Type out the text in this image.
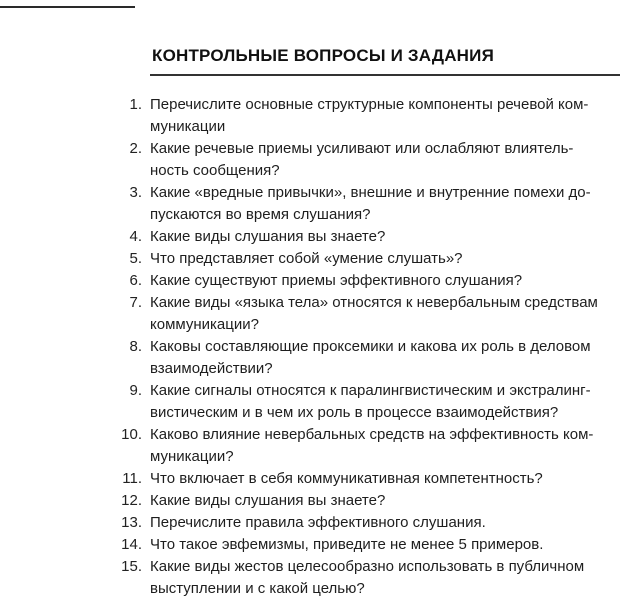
КОНТРОЛЬНЫЕ ВОПРОСЫ И ЗАДАНИЯ
1. Перечислите основные структурные компоненты речевой ком-
муникации
2. Какие речевые приемы усиливают или ослабляют влиятель-
ность сообщения?
3. Какие «вредные привычки», внешние и внутренние помехи до-
пускаются во время слушания?
4. Какие виды слушания вы знаете?
5. Что представляет собой «умение слушать»?
6. Какие существуют приемы эффективного слушания?
7. Какие виды «языка тела» относятся к невербальным средствам
коммуникации?
8. Каковы составляющие проксемики и какова их роль в деловом
взаимодействии?
9. Какие сигналы относятся к паралингвистическим и экстралинг-
вистическим и в чем их роль в процессе взаимодействия?
10. Каково влияние невербальных средств на эффективность ком-
муникации?
11. Что включает в себя коммуникативная компетентность?
12. Какие виды слушания вы знаете?
13. Перечислите правила эффективного слушания.
14. Что такое эвфемизмы, приведите не менее 5 примеров.
15. Какие виды жестов целесообразно использовать в публичном
выступлении и с какой целью?
